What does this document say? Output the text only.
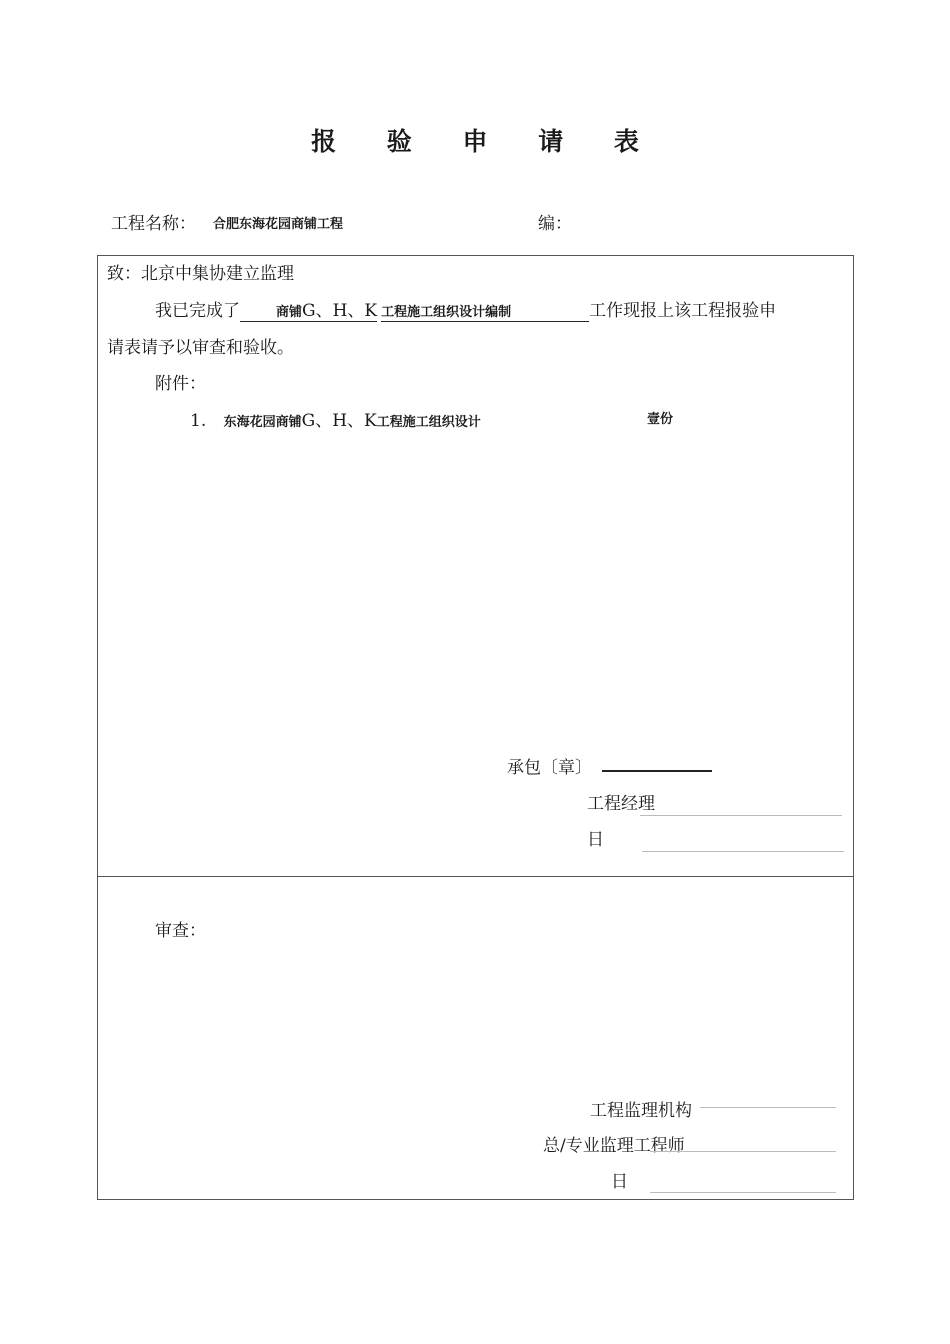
报 验 申 请 表
工程名称： 合肥东海花园商铺工程	编：
致：北京中集协建立监理
我已完成了	商铺G、H、K 工程施工组织设计编制	工作现报上该工程报验申
请表请予以审查和验收。
附件：
1. 东海花园商铺G、H、K工程施工组织设计	壹份
承包〔章〕
工程经理
日
审查：
工程监理机构
总/专业监理工程师
日
